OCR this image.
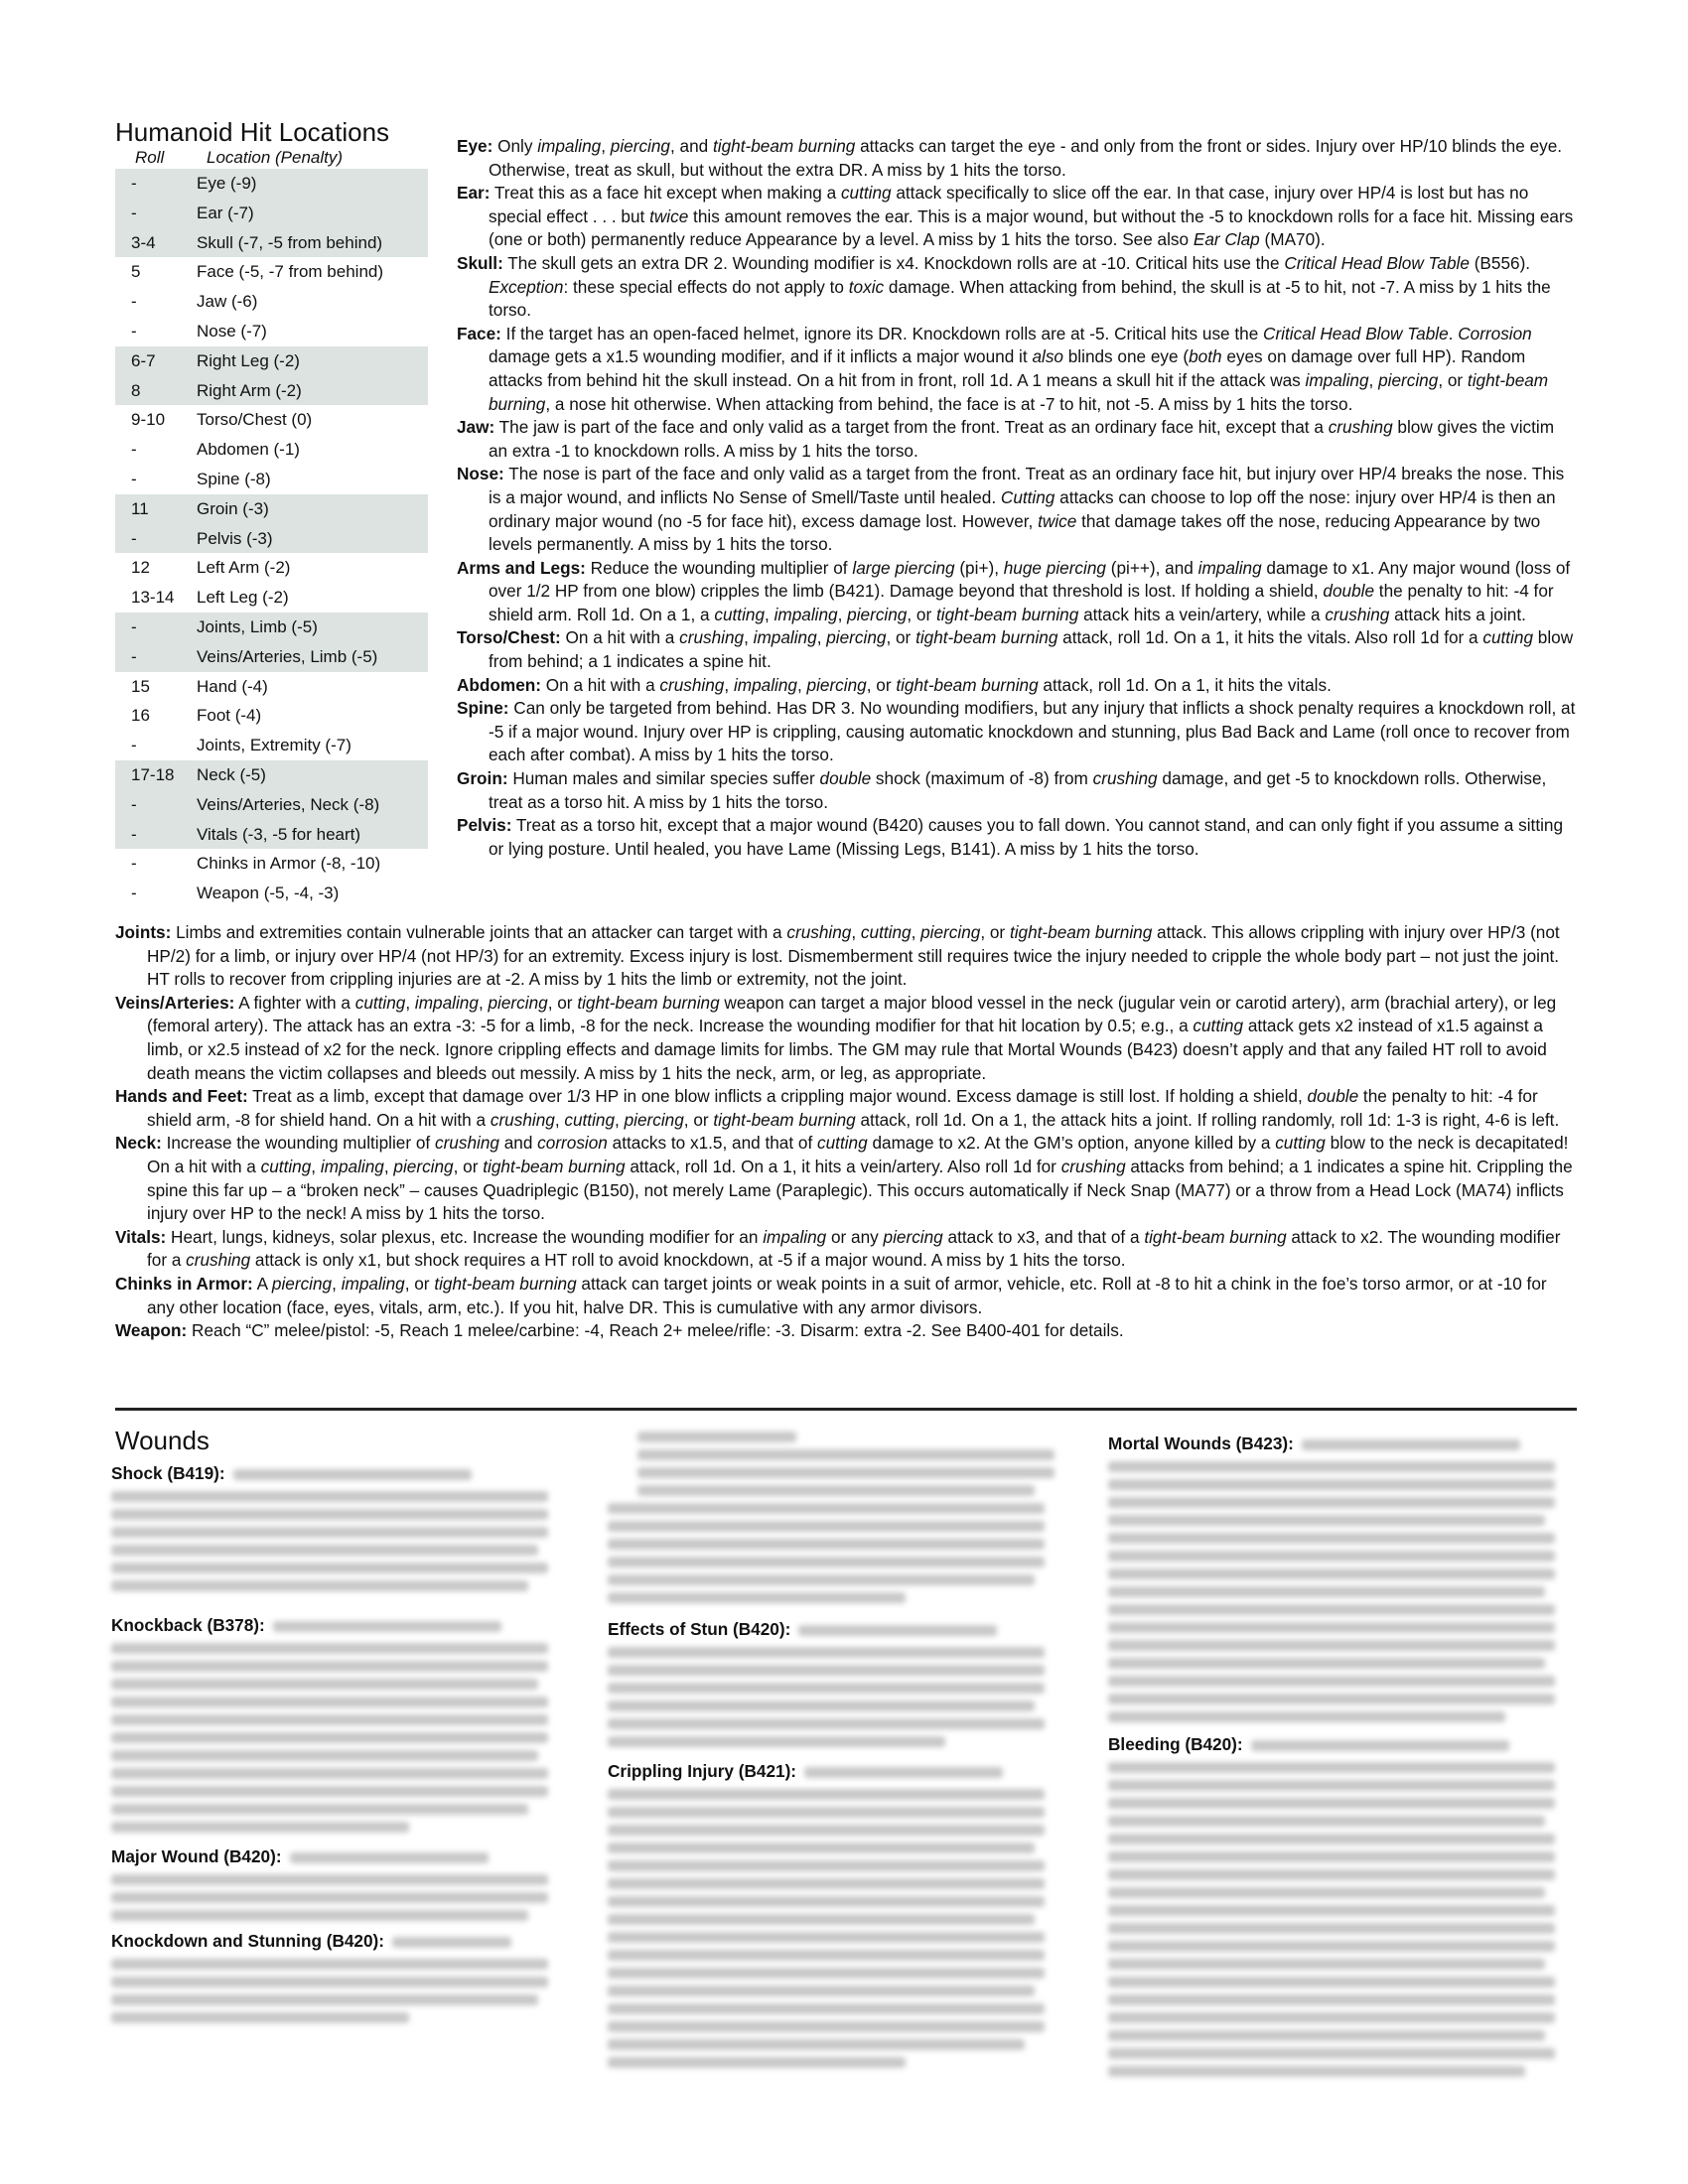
Humanoid Hit Locations
Roll	Location (Penalty)
-	Eye (-9)
-	Ear (-7)
3-4 Skull (-7, -5 from behind)
5	Face (-5, -7 from behind)
-	Jaw (-6)
-	Nose (-7)
6-7 Right Leg (-2)
8	Right Arm (-2)
9-10 Torso/Chest (0)
-	Abdomen (-1)
-	Spine (-8)
11	Groin (-3)
-	Pelvis (-3)
12	Left Arm (-2)
13-14 Left Leg (-2)
-	Joints, Limb (-5)
-	Veins/Arteries, Limb (-5)
15	Hand (-4)
16	Foot (-4)
-	Joints, Extremity (-7)
17-18 Neck (-5)
-	Veins/Arteries, Neck (-8)
-	Vitals (-3, -5 for heart)
-	Chinks in Armor (-8, -10)
-	Weapon (-5, -4, -3)

Eye: Only impaling, piercing, and tight-beam burning attacks can target the eye - and only from the front or sides. Injury over HP/10 blinds the eye. Otherwise, treat as skull, but without the extra DR. A miss by 1 hits the torso.

Ear: Treat this as a face hit except when making a cutting attack specifically to slice off the ear. In that case, injury over HP/4 is lost but has no special effect . . . but twice this amount removes the ear. This is a major wound, but without the -5 to knockdown rolls for a face hit. Missing ears (one or both) permanently reduce Appearance by a level. A miss by 1 hits the torso. See also Ear Clap (MA70).

Skull: The skull gets an extra DR 2. Wounding modifier is x4. Knockdown rolls are at -10. Critical hits use the Critical Head Blow Table (B556). Exception: these special effects do not apply to toxic damage. When attacking from behind, the skull is at -5 to hit, not -7. A miss by 1 hits the torso.

Face: If the target has an open-faced helmet, ignore its DR. Knockdown rolls are at -5. Critical hits use the Critical Head Blow Table. Corrosion damage gets a x1.5 wounding modifier, and if it inflicts a major wound it also blinds one eye (both eyes on damage over full HP). Random attacks from behind hit the skull instead. On a hit from in front, roll 1d. A 1 means a skull hit if the attack was impaling, piercing, or tight-beam burning, a nose hit otherwise. When attacking from behind, the face is at -7 to hit, not -5. A miss by 1 hits the torso.

Jaw: The jaw is part of the face and only valid as a target from the front. Treat as an ordinary face hit, except that a crushing blow gives the victim an extra -1 to knockdown rolls. A miss by 1 hits the torso.

Nose: The nose is part of the face and only valid as a target from the front. Treat as an ordinary face hit, but injury over HP/4 breaks the nose. This is a major wound, and inflicts No Sense of Smell/Taste until healed. Cutting attacks can choose to lop off the nose: injury over HP/4 is then an ordinary major wound (no -5 for face hit), excess damage lost. However, twice that damage takes off the nose, reducing Appearance by two levels permanently. A miss by 1 hits the torso.

Arms and Legs: Reduce the wounding multiplier of large piercing (pi+), huge piercing (pi++), and impaling damage to x1. Any major wound (loss of over 1/2 HP from one blow) cripples the limb (B421). Damage beyond that threshold is lost. If holding a shield, double the penalty to hit: -4 for shield arm. Roll 1d. On a 1, a cutting, impaling, piercing, or tight-beam burning attack hits a vein/artery, while a crushing attack hits a joint.

Torso/Chest: On a hit with a crushing, impaling, piercing, or tight-beam burning attack, roll 1d. On a 1, it hits the vitals. Also roll 1d for a cutting blow from behind; a 1 indicates a spine hit.

Abdomen: On a hit with a crushing, impaling, piercing, or tight-beam burning attack, roll 1d. On a 1, it hits the vitals.

Spine: Can only be targeted from behind. Has DR 3. No wounding modifiers, but any injury that inflicts a shock penalty requires a knockdown roll, at -5 if a major wound. Injury over HP is crippling, causing automatic knockdown and stunning, plus Bad Back and Lame (roll once to recover from each after combat). A miss by 1 hits the torso.

Groin: Human males and similar species suffer double shock (maximum of -8) from crushing damage, and get -5 to knockdown rolls. Otherwise, treat as a torso hit. A miss by 1 hits the torso.

Pelvis: Treat as a torso hit, except that a major wound (B420) causes you to fall down. You cannot stand, and can only fight if you assume a sitting or lying posture. Until healed, you have Lame (Missing Legs, B141). A miss by 1 hits the torso.

Joints: Limbs and extremities contain vulnerable joints that an attacker can target with a crushing, cutting, piercing, or tight-beam burning attack. This allows crippling with injury over HP/3 (not HP/2) for a limb, or injury over HP/4 (not HP/3) for an extremity. Excess injury is lost. Dismemberment still requires twice the injury needed to cripple the whole body part – not just the joint. HT rolls to recover from crippling injuries are at -2. A miss by 1 hits the limb or extremity, not the joint.

Veins/Arteries: A fighter with a cutting, impaling, piercing, or tight-beam burning weapon can target a major blood vessel in the neck (jugular vein or carotid artery), arm (brachial artery), or leg (femoral artery). The attack has an extra -3: -5 for a limb, -8 for the neck. Increase the wounding modifier for that hit location by 0.5; e.g., a cutting attack gets x2 instead of x1.5 against a limb, or x2.5 instead of x2 for the neck. Ignore crippling effects and damage limits for limbs. The GM may rule that Mortal Wounds (B423) doesn’t apply and that any failed HT roll to avoid death means the victim collapses and bleeds out messily. A miss by 1 hits the neck, arm, or leg, as appropriate.

Hands and Feet: Treat as a limb, except that damage over 1/3 HP in one blow inflicts a crippling major wound. Excess damage is still lost. If holding a shield, double the penalty to hit: -4 for shield arm, -8 for shield hand. On a hit with a crushing, cutting, piercing, or tight-beam burning attack, roll 1d. On a 1, the attack hits a joint. If rolling randomly, roll 1d: 1-3 is right, 4-6 is left.

Neck: Increase the wounding multiplier of crushing and corrosion attacks to x1.5, and that of cutting damage to x2. At the GM’s option, anyone killed by a cutting blow to the neck is decapitated! On a hit with a cutting, impaling, piercing, or tight-beam burning attack, roll 1d. On a 1, it hits a vein/artery. Also roll 1d for crushing attacks from behind; a 1 indicates a spine hit. Crippling the spine this far up – a “broken neck” – causes Quadriplegic (B150), not merely Lame (Paraplegic). This occurs automatically if Neck Snap (MA77) or a throw from a Head Lock (MA74) inflicts injury over HP to the neck! A miss by 1 hits the torso.

Vitals: Heart, lungs, kidneys, solar plexus, etc. Increase the wounding modifier for an impaling or any piercing attack to x3, and that of a tight-beam burning attack to x2. The wounding modifier for a crushing attack is only x1, but shock requires a HT roll to avoid knockdown, at -5 if a major wound. A miss by 1 hits the torso.

Chinks in Armor: A piercing, impaling, or tight-beam burning attack can target joints or weak points in a suit of armor, vehicle, etc. Roll at -8 to hit a chink in the foe’s torso armor, or at -10 for any other location (face, eyes, vitals, arm, etc.). If you hit, halve DR. This is cumulative with any armor divisors.

Weapon: Reach “C” melee/pistol: -5, Reach 1 melee/carbine: -4, Reach 2+ melee/rifle: -3. Disarm: extra -2. See B400-401 for details.

Wounds

Shock (B419):

Knockback (B378):

Major Wound (B420):

Knockdown and Stunning (B420):

Effects of Stun (B420):

Crippling Injury (B421):

Mortal Wounds (B423):

Bleeding (B420):
